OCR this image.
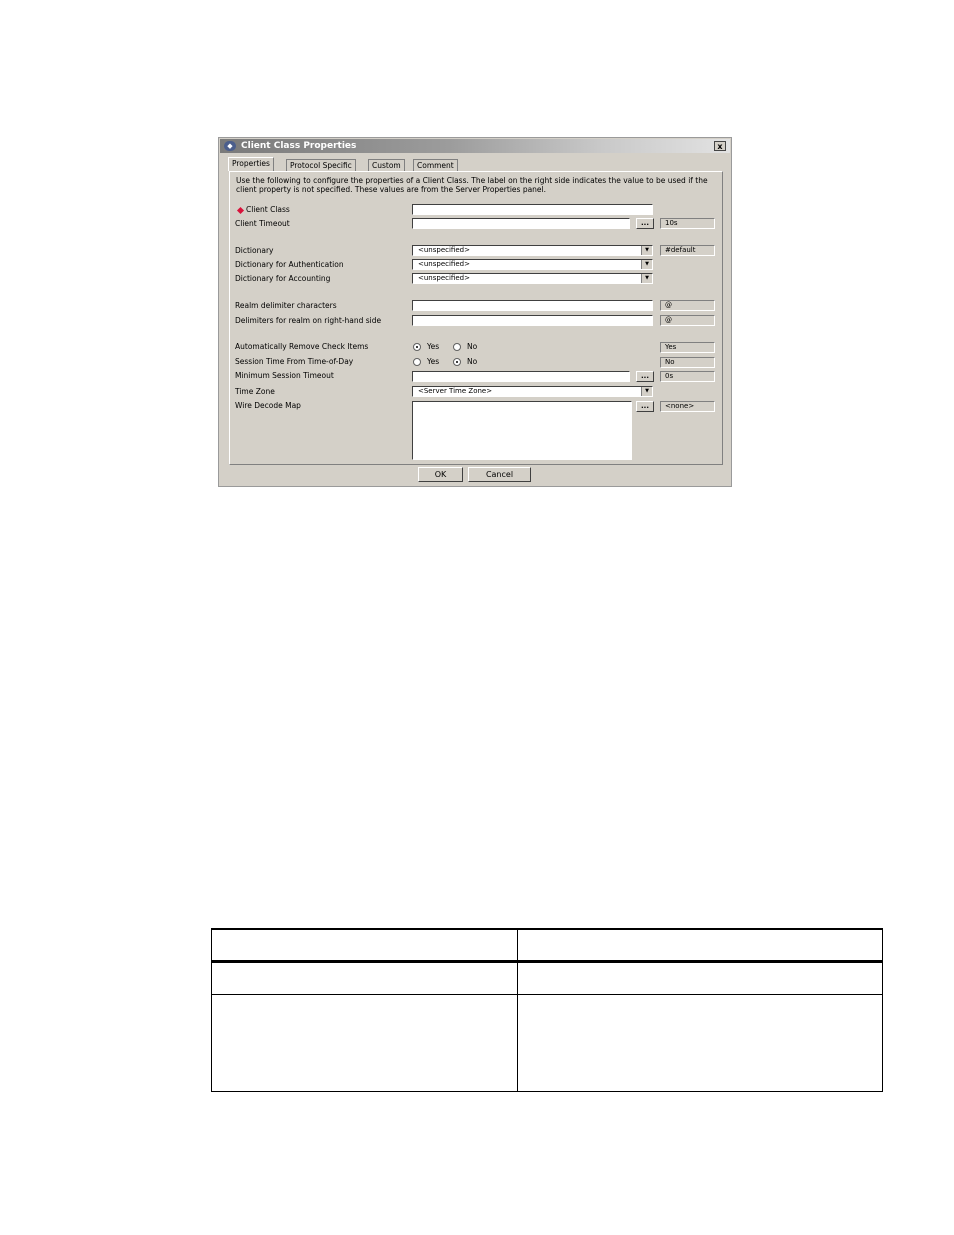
◆ Client Class Properties	x
Properties	Protocol Specific	Custom	Comment
Use the following to configure the properties of a Client Class. The label on the right side indicates the value to be used if the client property is not specified. These values are from the Server Properties panel.
Client Class
Client Timeout	...	10s
Dictionary	<unspecified>	▼	#default
Dictionary for Authentication	<unspecified>	▼
Dictionary for Accounting	<unspecified>	▼
Realm delimiter characters	@
Delimiters for realm on right-hand side	@
Automatically Remove Check Items	Yes	No	Yes
Session Time From Time-of-Day	Yes	No	No
Minimum Session Timeout	...	0s
Time Zone	<Server Time Zone>	▼
Wire Decode Map	...	<none>
OK	Cancel
